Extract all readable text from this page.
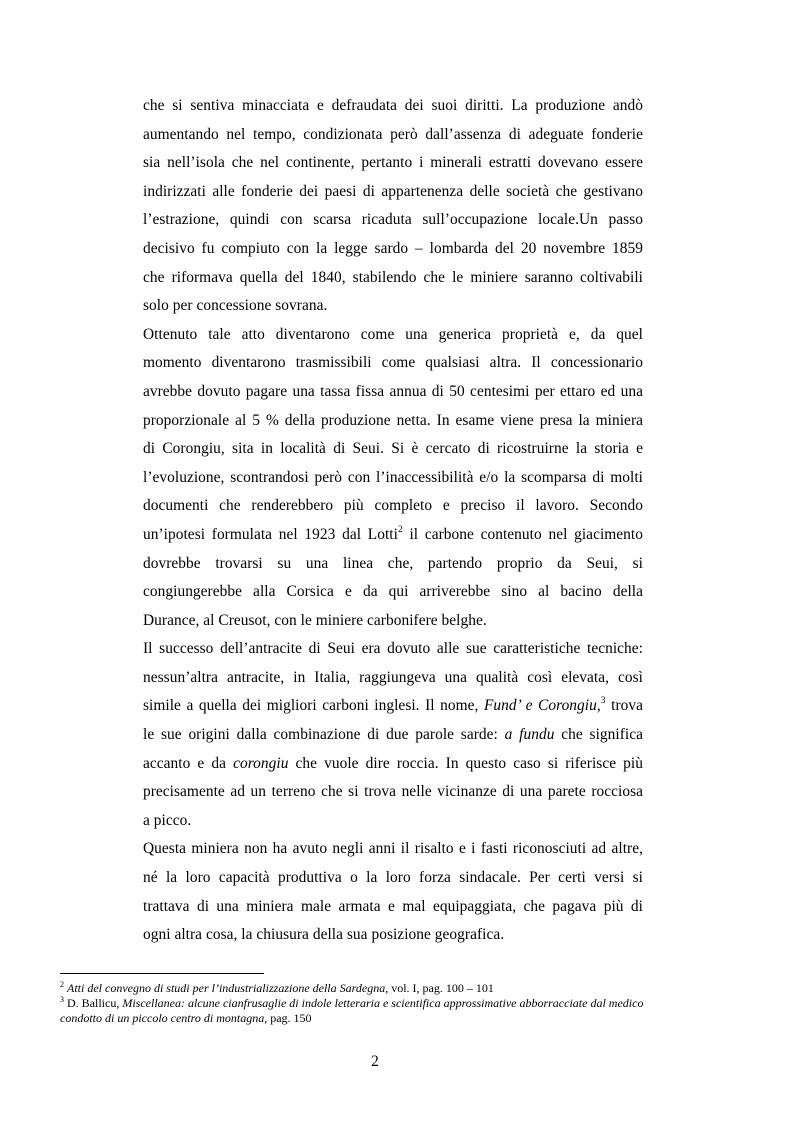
che si sentiva minacciata e defraudata dei suoi diritti. La produzione andò
aumentando nel tempo, condizionata però dall’assenza di adeguate fonderie
sia nell’isola che nel continente, pertanto i minerali estratti dovevano essere
indirizzati alle fonderie dei paesi di appartenenza delle società che gestivano
l’estrazione, quindi con scarsa ricaduta sull’occupazione locale.Un passo
decisivo fu compiuto con la legge sardo – lombarda del 20 novembre 1859
che riformava quella del 1840, stabilendo che le miniere saranno coltivabili
solo per concessione sovrana.
Ottenuto tale atto diventarono come una generica proprietà e, da quel
momento diventarono trasmissibili come qualsiasi altra. Il concessionario
avrebbe dovuto pagare una tassa fissa annua di 50 centesimi per ettaro ed una
proporzionale al 5 % della produzione netta. In esame viene presa la miniera
di Corongiu, sita in località di Seui. Si è cercato di ricostruirne la storia e
l’evoluzione, scontrandosi però con l’inaccessibilità e/o la scomparsa di molti
documenti che renderebbero più completo e preciso il lavoro. Secondo
un’ipotesi formulata nel 1923 dal Lotti$^2$ il carbone contenuto nel giacimento
dovrebbe trovarsi su una linea che, partendo proprio da Seui, si
congiungerebbe alla Corsica e da qui arriverebbe sino al bacino della
Durance, al Creusot, con le miniere carbonifere belghe.
Il successo dell’antracite di Seui era dovuto alle sue caratteristiche tecniche:
nessun’altra antracite, in Italia, raggiungeva una qualità così elevata, così
simile a quella dei migliori carboni inglesi. Il nome, Fund’ e Corongiu,$^3$ trova
le sue origini dalla combinazione di due parole sarde: a fundu che significa
accanto e da corongiu che vuole dire roccia. In questo caso si riferisce più
precisamente ad un terreno che si trova nelle vicinanze di una parete rocciosa
a picco.
Questa miniera non ha avuto negli anni il risalto e i fasti riconosciuti ad altre,
né la loro capacità produttiva o la loro forza sindacale. Per certi versi si
trattava di una miniera male armata e mal equipaggiata, che pagava più di
ogni altra cosa, la chiusura della sua posizione geografica.
$^2$ Atti del convegno di studi per l’industrializzazione della Sardegna, vol. I, pag. 100 – 101
$^3$ D. Ballicu, Miscellanea: alcune cianfrusaglie di indole letteraria e scientifica approssimative abborracciate dal medico condotto di un piccolo centro di montagna, pag. 150
2
